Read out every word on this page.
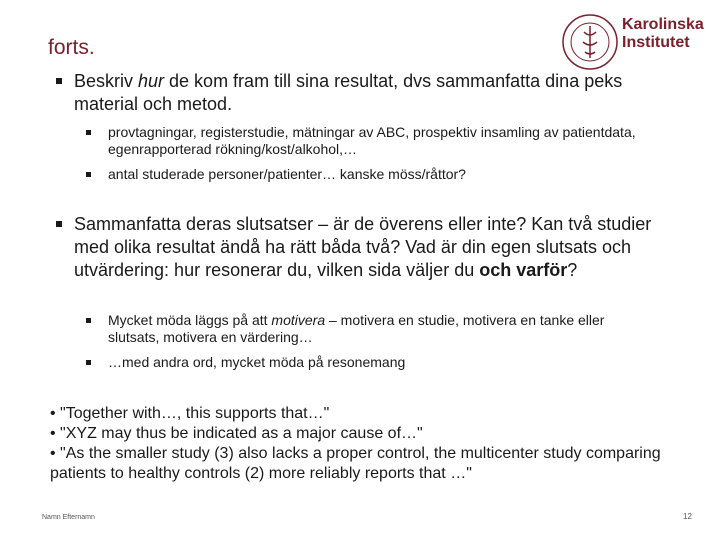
forts.
Karolinska
Institutet
Beskriv hur de kom fram till sina resultat, dvs sammanfatta dina peks material och metod.
provtagningar, registerstudie, mätningar av ABC, prospektiv insamling av patientdata, egenrapporterad rökning/kost/alkohol,…
antal studerade personer/patienter… kanske möss/råttor?
Sammanfatta deras slutsatser – är de överens eller inte? Kan två studier med olika resultat ändå ha rätt båda två? Vad är din egen slutsats och utvärdering: hur resonerar du, vilken sida väljer du och varför?
Mycket möda läggs på att motivera – motivera en studie, motivera en tanke eller slutsats, motivera en värdering…
…med andra ord, mycket möda på resonemang
• "Together with…, this supports that…"
• "XYZ may thus be indicated as a major cause of…"
• "As the smaller study (3) also lacks a proper control, the multicenter study comparing patients to healthy controls (2) more reliably reports that …"
Namn Efternamn	12
